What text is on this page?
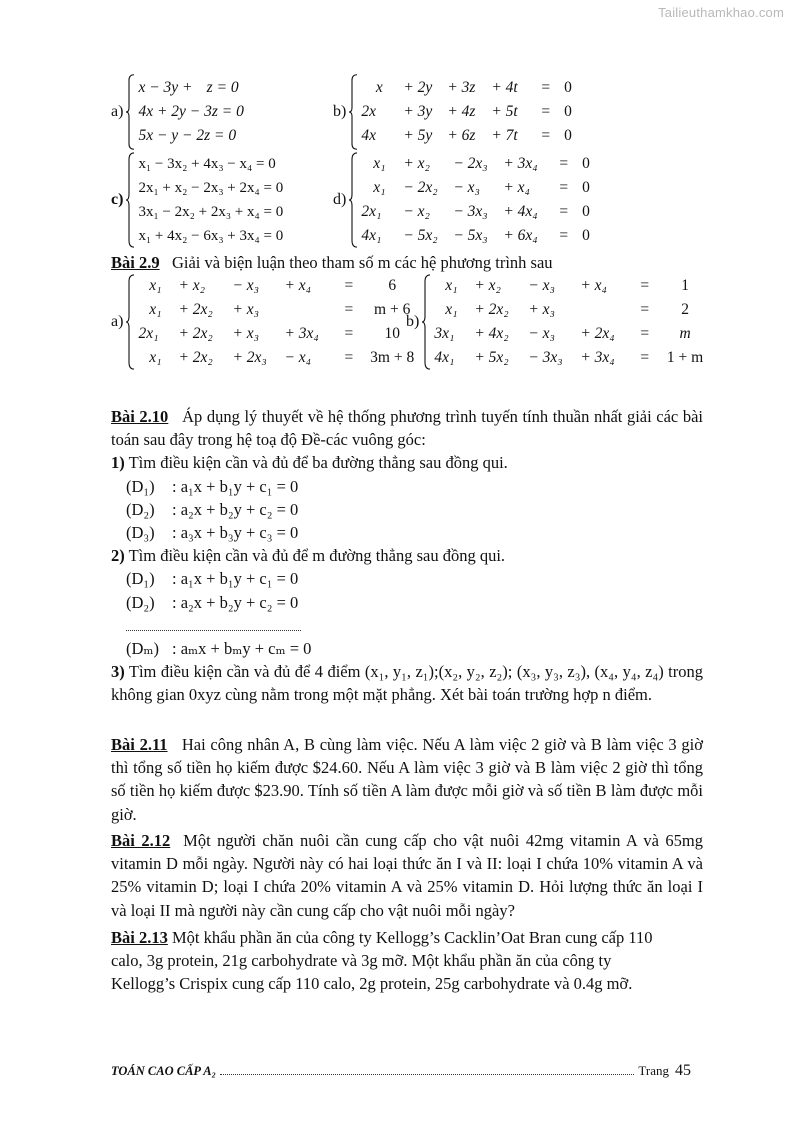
Tailieuthamkhao.com
a)
x − 3y +	z = 0
4x + 2y − 3z = 0
5x − y − 2z = 0
b)
x	+ 2y	+ 3z	+ 4t	=	0
2x	+ 3y	+ 4z	+ 5t	=	0
4x	+ 5y	+ 6z	+ 7t	=	0
c)
x₁ − 3x₂ + 4x₃ − x₄ = 0
2x₁ + x₂ − 2x₃ + 2x₄ = 0
3x₁ − 2x₂ + 2x₃ + x₄ = 0
x₁ + 4x₂ − 6x₃ + 3x₄ = 0
d)
x₁	+ x₂	− 2x₃	+ 3x₄	=	0
x₁	− 2x₂	− x₃	+ x₄	=	0
2x₁	− x₂	− 3x₃	+ 4x₄	=	0
4x₁	− 5x₂	− 5x₃	+ 6x₄	=	0
Bài 2.9 Giải và biện luận theo tham số m các hệ phương trình sau
a)
x₁	+ x₂	− x₃	+ x₄	=	6
x₁	+ 2x₂	+ x₃		=	m + 6
2x₁	+ 2x₂	+ x₃	+ 3x₄	=	10
x₁	+ 2x₂	+ 2x₃	− x₄	=	3m + 8
b)
x₁	+ x₂	− x₃	+ x₄	=	1
x₁	+ 2x₂	+ x₃		=	2
3x₁	+ 4x₂	− x₃	+ 2x₄	=	m
4x₁	+ 5x₂	− 3x₃	+ 3x₄	=	1 + m

Bài 2.10 Áp dụng lý thuyết về hệ thống phương trình tuyến tính thuần nhất giải các bài toán sau đây trong hệ toạ độ Đề-các vuông góc:

1) Tìm điều kiện cần và đủ để ba đường thẳng sau đồng qui.

(D₁) : a₁x + b₁y + c₁ = 0
(D₂) : a₂x + b₂y + c₂ = 0
(D₃) : a₃x + b₃y + c₃ = 0

2) Tìm điều kiện cần và đủ để m đường thẳng sau đồng qui.

(D₁) : a₁x + b₁y + c₁ = 0
(D₂) : a₂x + b₂y + c₂ = 0
(Dₘ) : aₘx + bₘy + cₘ = 0

3) Tìm điều kiện cần và đủ để 4 điểm (x₁, y₁, z₁);(x₂, y₂, z₂); (x₃, y₃, z₃), (x₄, y₄, z₄) trong không gian 0xyz cùng nằm trong một mặt phẳng. Xét bài toán trường hợp n điểm.

Bài 2.11 Hai công nhân A, B cùng làm việc. Nếu A làm việc 2 giờ và B làm việc 3 giờ thì tổng số tiền họ kiếm được $24.60. Nếu A làm việc 3 giờ và B làm việc 2 giờ thì tổng số tiền họ kiếm được $23.90. Tính số tiền A làm được mỗi giờ và số tiền B làm được mỗi giờ.

Bài 2.12 Một người chăn nuôi cần cung cấp cho vật nuôi 42mg vitamin A và 65mg vitamin D mỗi ngày. Người này có hai loại thức ăn I và II: loại I chứa 10% vitamin A và 25% vitamin D; loại I chứa 20% vitamin A và 25% vitamin D. Hỏi lượng thức ăn loại I và loại II mà người này cần cung cấp cho vật nuôi mỗi ngày?

Bài 2.13 Một khẩu phần ăn của công ty Kellogg’s Cacklin’Oat Bran cung cấp 110
calo, 3g protein, 21g carbohydrate và 3g mỡ. Một khẩu phần ăn của công ty
Kellogg’s Crispix cung cấp 110 calo, 2g protein, 25g carbohydrate và 0.4g mỡ.
TOÁN CAO CẤP A₂	Trang 45
